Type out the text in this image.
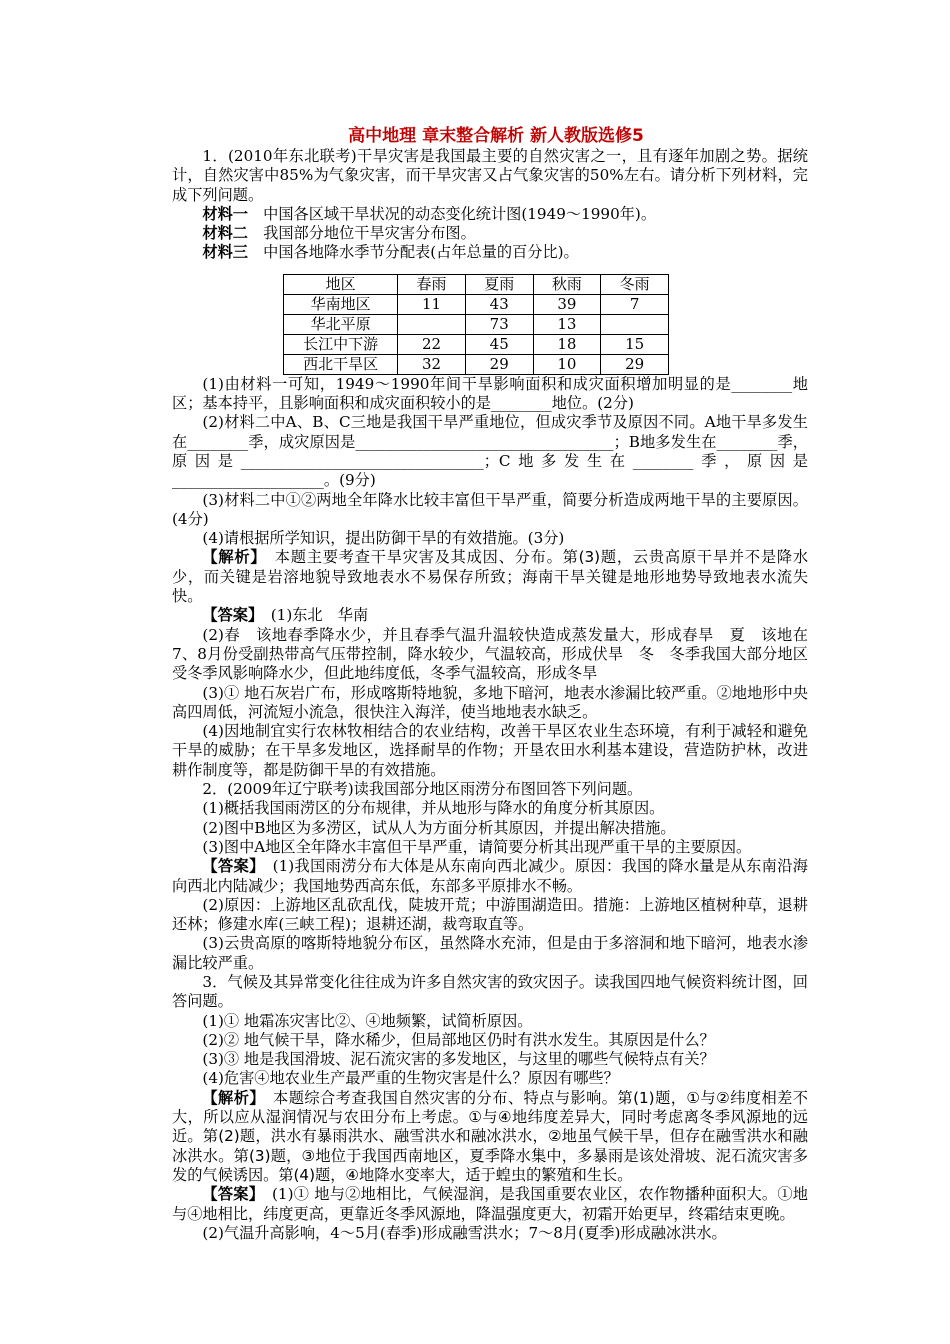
高中地理 章末整合解析 新人教版选修5

1．(2010年东北联考)干旱灾害是我国最主要的自然灾害之一，且有逐年加剧之势。据统计，自然灾害中85%为气象灾害，而干旱灾害又占气象灾害的50%左右。请分析下列材料，完成下列问题。

材料一　中国各区域干旱状况的动态变化统计图(1949～1990年)。

材料二　我国部分地位干旱灾害分布图。

材料三　中国各地降水季节分配表(占年总量的百分比)。

地区	春雨	夏雨	秋雨	冬雨
华南地区	11	43	39	7
华北平原		73	13	
长江中下游	22	45	18	15
西北干旱区	32	29	10	29

(1)由材料一可知，1949～1990年间干旱影响面积和成灾面积增加明显的是________地区；基本持平，且影响面积和成灾面积较小的是________地位。(2分)

(2)材料二中A、B、C三地是我国干旱严重地位，但成灾季节及原因不同。A地干旱多发生在________季，成灾原因是__________________________________；B地多发生在________季，原因是________________________________；C地多发生在________季，原因是____________________。(9分)

(3)材料二中①②两地全年降水比较丰富但干旱严重，简要分析造成两地干旱的主要原因。(4分)

(4)请根据所学知识，提出防御干旱的有效措施。(3分)

【解析】　本题主要考查干旱灾害及其成因、分布。第(3)题，云贵高原干旱并不是降水少，而关键是岩溶地貌导致地表水不易保存所致；海南干旱关键是地形地势导致地表水流失快。

【答案】　(1)东北　华南

(2)春　该地春季降水少，并且春季气温升温较快造成蒸发量大，形成春旱　夏　该地在7、8月份受副热带高气压带控制，降水较少，气温较高，形成伏旱　冬　冬季我国大部分地区受冬季风影响降水少，但此地纬度低，冬季气温较高，形成冬旱

(3)① 地石灰岩广布，形成喀斯特地貌，多地下暗河，地表水渗漏比较严重。②地地形中央高四周低，河流短小流急，很快注入海洋，使当地地表水缺乏。

(4)因地制宜实行农林牧相结合的农业结构，改善干旱区农业生态环境，有利于减轻和避免干旱的威胁；在干旱多发地区，选择耐旱的作物；开垦农田水利基本建设，营造防护林，改进耕作制度等，都是防御干旱的有效措施。

2．(2009年辽宁联考)读我国部分地区雨涝分布图回答下列问题。

(1)概括我国雨涝区的分布规律，并从地形与降水的角度分析其原因。

(2)图中B地区为多涝区，试从人为方面分析其原因，并提出解决措施。

(3)图中A地区全年降水丰富但干旱严重，请简要分析其出现严重干旱的主要原因。

【答案】　(1)我国雨涝分布大体是从东南向西北减少。原因：我国的降水量是从东南沿海向西北内陆减少；我国地势西高东低，东部多平原排水不畅。

(2)原因：上游地区乱砍乱伐，陡坡开荒；中游围湖造田。措施：上游地区植树种草，退耕还林；修建水库(三峡工程)；退耕还湖，裁弯取直等。

(3)云贵高原的喀斯特地貌分布区，虽然降水充沛，但是由于多溶洞和地下暗河，地表水渗漏比较严重。

3．气候及其异常变化往往成为许多自然灾害的致灾因子。读我国四地气候资料统计图，回答问题。

(1)① 地霜冻灾害比②、④地频繁，试简析原因。

(2)② 地气候干旱，降水稀少，但局部地区仍时有洪水发生。其原因是什么？

(3)③ 地是我国滑坡、泥石流灾害的多发地区，与这里的哪些气候特点有关？

(4)危害④地农业生产最严重的生物灾害是什么？原因有哪些？

【解析】　本题综合考查我国自然灾害的分布、特点与影响。第(1)题，①与②纬度相差不大，所以应从湿润情况与农田分布上考虑。①与④地纬度差异大，同时考虑离冬季风源地的远近。第(2)题，洪水有暴雨洪水、融雪洪水和融冰洪水，②地虽气候干旱，但存在融雪洪水和融冰洪水。第(3)题，③地位于我国西南地区，夏季降水集中，多暴雨是该处滑坡、泥石流灾害多发的气候诱因。第(4)题，④地降水变率大，适于蝗虫的繁殖和生长。

【答案】　(1)① 地与②地相比，气候湿润，是我国重要农业区，农作物播种面积大。①地与④地相比，纬度更高，更靠近冬季风源地，降温强度更大，初霜开始更早，终霜结束更晚。

(2)气温升高影响，4～5月(春季)形成融雪洪水；7～8月(夏季)形成融冰洪水。
